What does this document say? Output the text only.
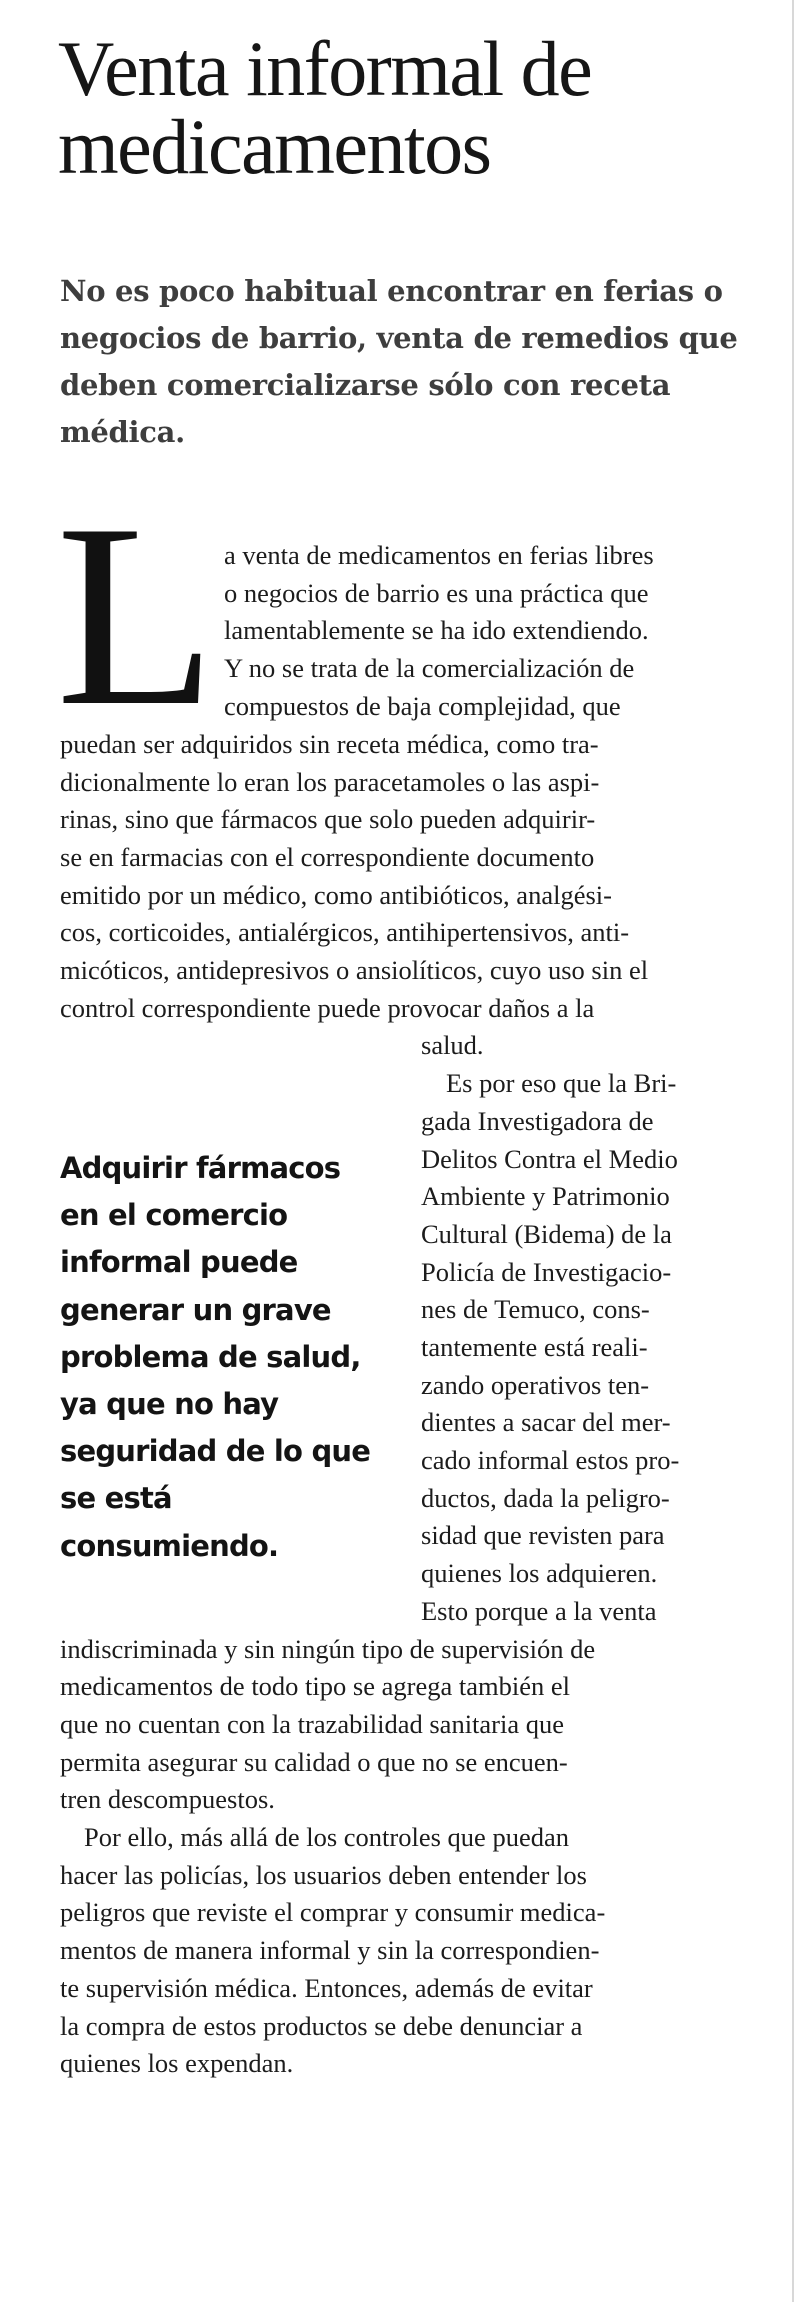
Venta informal de
medicamentos
No es poco habitual encontrar en ferias o
negocios de barrio, venta de remedios que
deben comercializarse sólo con receta
médica.
L a venta de medicamentos en ferias libres
o negocios de barrio es una práctica que
lamentablemente se ha ido extendiendo.
Y no se trata de la comercialización de
compuestos de baja complejidad, que
puedan ser adquiridos sin receta médica, como tra-
dicionalmente lo eran los paracetamoles o las aspi-
rinas, sino que fármacos que solo pueden adquirir-
se en farmacias con el correspondiente documento
emitido por un médico, como antibióticos, analgési-
cos, corticoides, antialérgicos, antihipertensivos, anti-
micóticos, antidepresivos o ansiolíticos, cuyo uso sin el
control correspondiente puede provocar daños a la
salud.
Es por eso que la Bri-
gada Investigadora de
Delitos Contra el Medio
Ambiente y Patrimonio
Cultural (Bidema) de la
Policía de Investigacio-
nes de Temuco, cons-
tantemente está reali-
zando operativos ten-
dientes a sacar del mer-
cado informal estos pro-
ductos, dada la peligro-
sidad que revisten para
quienes los adquieren.
Esto porque a la venta
indiscriminada y sin ningún tipo de supervisión de
medicamentos de todo tipo se agrega también el
que no cuentan con la trazabilidad sanitaria que
permita asegurar su calidad o que no se encuen-
tren descompuestos.
Por ello, más allá de los controles que puedan
hacer las policías, los usuarios deben entender los
peligros que reviste el comprar y consumir medica-
mentos de manera informal y sin la correspondien-
te supervisión médica. Entonces, además de evitar
la compra de estos productos se debe denunciar a
quienes los expendan.
Adquirir fármacos
en el comercio
informal puede
generar un grave
problema de salud,
ya que no hay
seguridad de lo que
se está
consumiendo.
